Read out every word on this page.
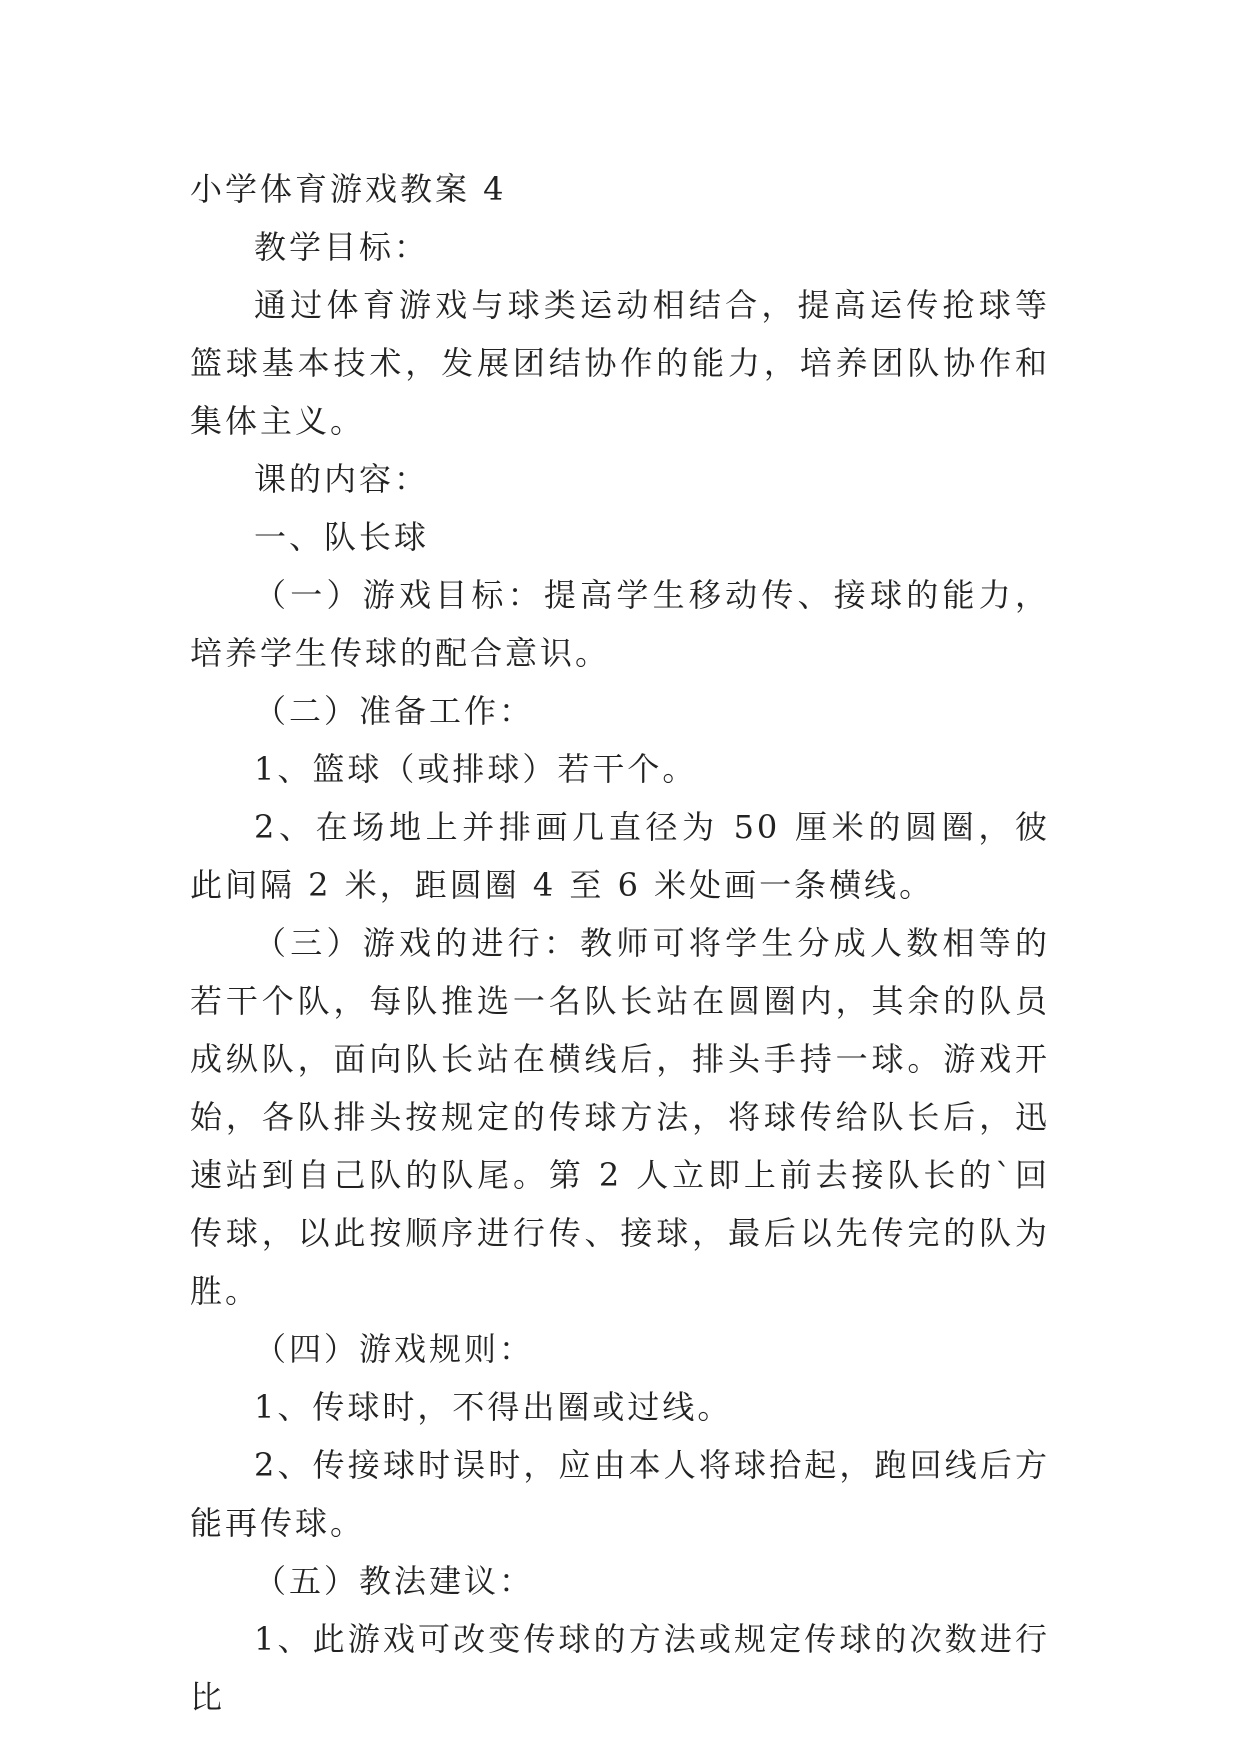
小学体育游戏教案 4

教学目标：

通过体育游戏与球类运动相结合，提高运传抢球等篮球基本技术，发展团结协作的能力，培养团队协作和集体主义。

课的内容：

一、队长球

（一）游戏目标：提高学生移动传、接球的能力，培养学生传球的配合意识。

（二）准备工作：

1、篮球（或排球）若干个。

2、在场地上并排画几直径为 50 厘米的圆圈，彼此间隔 2 米，距圆圈 4 至 6 米处画一条横线。

（三）游戏的进行：教师可将学生分成人数相等的若干个队，每队推选一名队长站在圆圈内，其余的队员成纵队，面向队长站在横线后，排头手持一球。游戏开始，各队排头按规定的传球方法，将球传给队长后，迅速站到自己队的队尾。第 2 人立即上前去接队长的`回传球，以此按顺序进行传、接球，最后以先传完的队为胜。

（四）游戏规则：

1、传球时，不得出圈或过线。

2、传接球时误时，应由本人将球拾起，跑回线后方能再传球。

（五）教法建议：

1、此游戏可改变传球的方法或规定传球的次数进行比
